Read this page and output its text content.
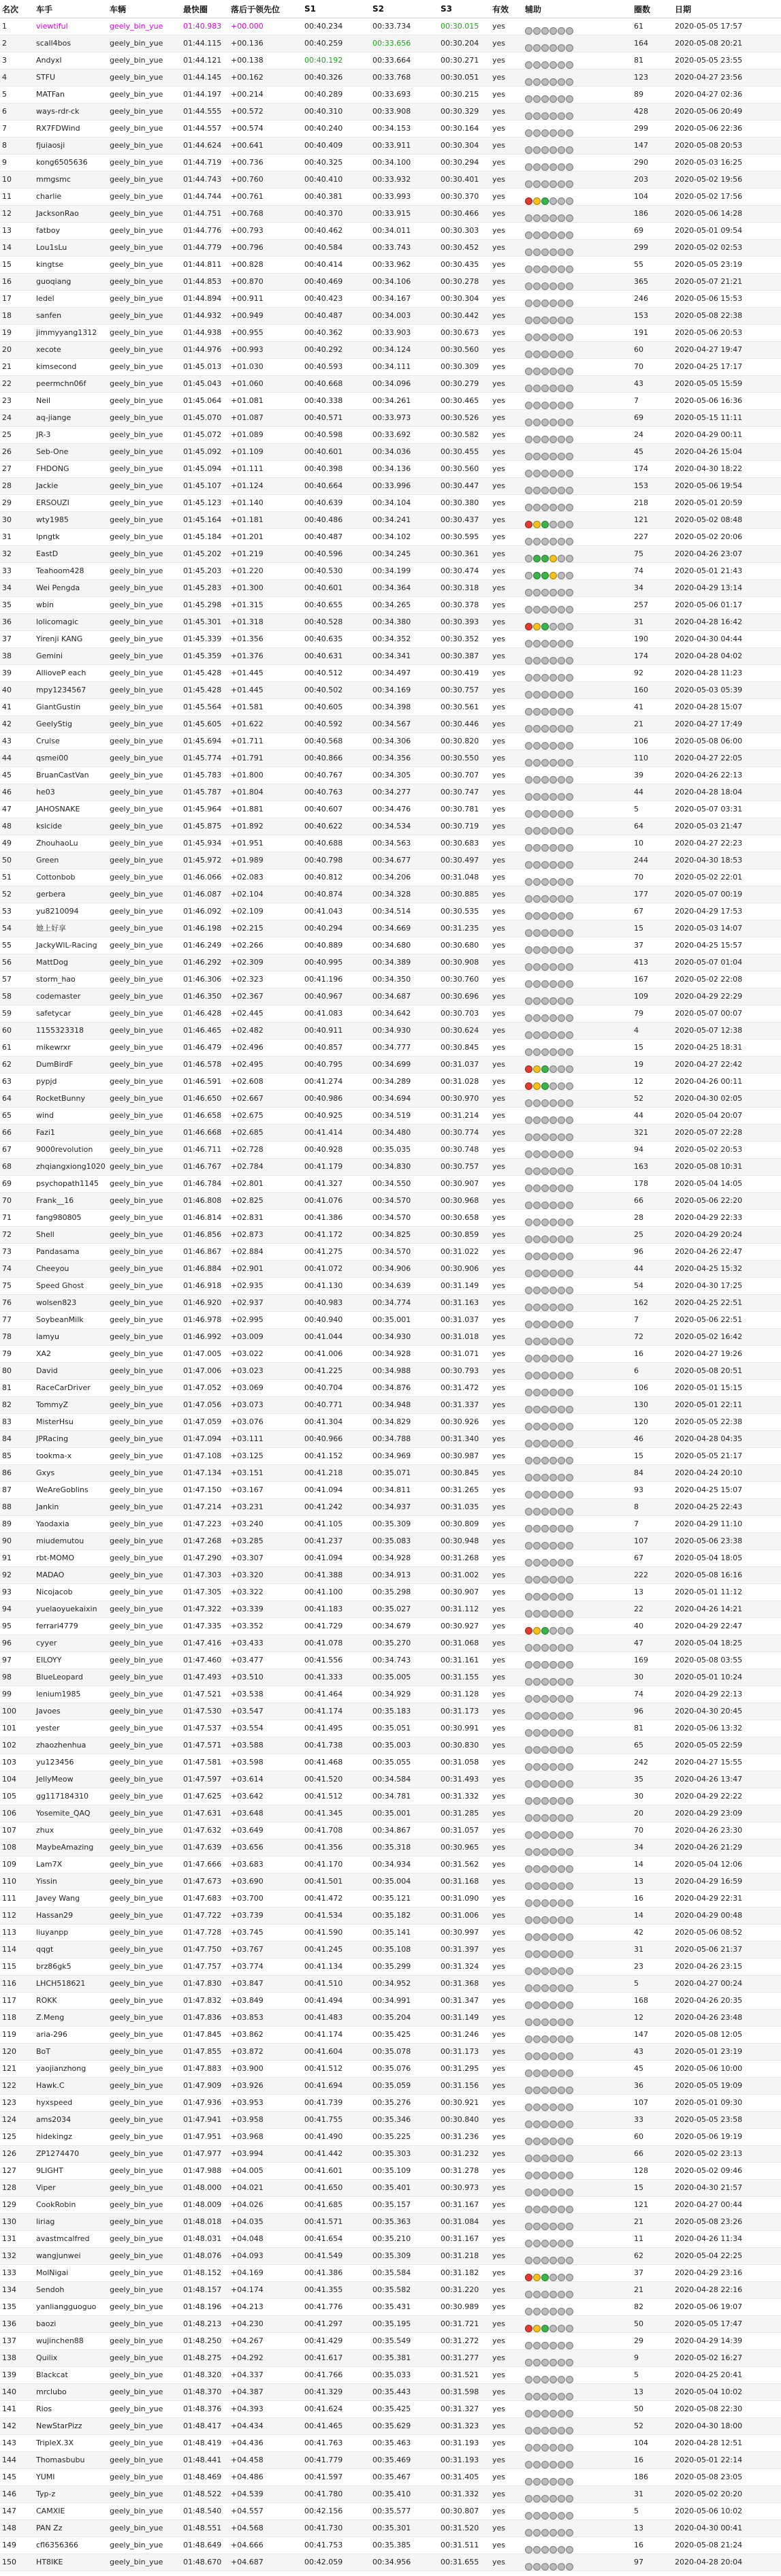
名次	车手	车辆	最快圈	落后于领先位	S1	S2	S3	有效	辅助	圈数	日期
1	viewtiful	geely_bin_yue	01:40.983	+00.000	00:40.234	00:33.734	00:30.015	yes		61	2020-05-05 17:57
2	scall4bos	geely_bin_yue	01:44.115	+00.136	00:40.259	00:33.656	00:30.204	yes		164	2020-05-08 20:21
3	Andyxl	geely_bin_yue	01:44.121	+00.138	00:40.192	00:33.664	00:30.271	yes		81	2020-05-05 23:55
4	STFU	geely_bin_yue	01:44.145	+00.162	00:40.326	00:33.768	00:30.051	yes		123	2020-04-27 23:56
5	MATFan	geely_bin_yue	01:44.197	+00.214	00:40.289	00:33.693	00:30.215	yes		89	2020-04-27 02:36
6	ways-rdr-ck	geely_bin_yue	01:44.555	+00.572	00:40.310	00:33.908	00:30.329	yes		428	2020-05-06 20:49
7	RX7FDWind	geely_bin_yue	01:44.557	+00.574	00:40.240	00:34.153	00:30.164	yes		299	2020-05-06 22:36
8	fjuiaosji	geely_bin_yue	01:44.624	+00.641	00:40.409	00:33.911	00:30.304	yes		147	2020-05-08 20:53
9	kong6505636	geely_bin_yue	01:44.719	+00.736	00:40.325	00:34.100	00:30.294	yes		290	2020-05-03 16:25
10	mmgsmc	geely_bin_yue	01:44.743	+00.760	00:40.410	00:33.932	00:30.401	yes		203	2020-05-02 19:56
11	charlie	geely_bin_yue	01:44.744	+00.761	00:40.381	00:33.993	00:30.370	yes		104	2020-05-02 17:56
12	JacksonRao	geely_bin_yue	01:44.751	+00.768	00:40.370	00:33.915	00:30.466	yes		186	2020-05-06 14:28
13	fatboy	geely_bin_yue	01:44.776	+00.793	00:40.462	00:34.011	00:30.303	yes		69	2020-05-01 09:54
14	Lou1sLu	geely_bin_yue	01:44.779	+00.796	00:40.584	00:33.743	00:30.452	yes		299	2020-05-02 02:53
15	kingtse	geely_bin_yue	01:44.811	+00.828	00:40.414	00:33.962	00:30.435	yes		55	2020-05-05 23:19
16	guoqiang	geely_bin_yue	01:44.853	+00.870	00:40.469	00:34.106	00:30.278	yes		365	2020-05-07 21:21
17	ledel	geely_bin_yue	01:44.894	+00.911	00:40.423	00:34.167	00:30.304	yes		246	2020-05-06 15:53
18	sanfen	geely_bin_yue	01:44.932	+00.949	00:40.487	00:34.003	00:30.442	yes		153	2020-05-08 22:38
19	jimmyyang1312	geely_bin_yue	01:44.938	+00.955	00:40.362	00:33.903	00:30.673	yes		191	2020-05-06 20:53
20	xecote	geely_bin_yue	01:44.976	+00.993	00:40.292	00:34.124	00:30.560	yes		60	2020-04-27 19:47
21	kimsecond	geely_bin_yue	01:45.013	+01.030	00:40.593	00:34.111	00:30.309	yes		70	2020-04-25 17:17
22	peermchn06f	geely_bin_yue	01:45.043	+01.060	00:40.668	00:34.096	00:30.279	yes		43	2020-05-05 15:59
23	Neil	geely_bin_yue	01:45.064	+01.081	00:40.338	00:34.261	00:30.465	yes		7	2020-05-06 16:36
24	aq-jiange	geely_bin_yue	01:45.070	+01.087	00:40.571	00:33.973	00:30.526	yes		69	2020-05-15 11:11
25	JR-3	geely_bin_yue	01:45.072	+01.089	00:40.598	00:33.692	00:30.582	yes		24	2020-04-29 00:11
26	Seb-One	geely_bin_yue	01:45.092	+01.109	00:40.601	00:34.036	00:30.455	yes		45	2020-04-26 15:04
27	FHDONG	geely_bin_yue	01:45.094	+01.111	00:40.398	00:34.136	00:30.560	yes		174	2020-04-30 18:22
28	Jackie	geely_bin_yue	01:45.107	+01.124	00:40.664	00:33.996	00:30.447	yes		153	2020-05-06 19:54
29	ERSOUZI	geely_bin_yue	01:45.123	+01.140	00:40.639	00:34.104	00:30.380	yes		218	2020-05-01 20:59
30	wty1985	geely_bin_yue	01:45.164	+01.181	00:40.486	00:34.241	00:30.437	yes		121	2020-05-02 08:48
31	lpngtk	geely_bin_yue	01:45.184	+01.201	00:40.487	00:34.102	00:30.595	yes		227	2020-05-02 20:06
32	EastD	geely_bin_yue	01:45.202	+01.219	00:40.596	00:34.245	00:30.361	yes		75	2020-04-26 23:07
33	Teahoom428	geely_bin_yue	01:45.203	+01.220	00:40.530	00:34.199	00:30.474	yes		74	2020-05-01 21:43
34	Wei Pengda	geely_bin_yue	01:45.283	+01.300	00:40.601	00:34.364	00:30.318	yes		34	2020-04-29 13:14
35	wbin	geely_bin_yue	01:45.298	+01.315	00:40.655	00:34.265	00:30.378	yes		257	2020-05-06 01:17
36	lolicomagic	geely_bin_yue	01:45.301	+01.318	00:40.528	00:34.380	00:30.393	yes		31	2020-04-28 16:42
37	Yirenji KANG	geely_bin_yue	01:45.339	+01.356	00:40.635	00:34.352	00:30.352	yes		190	2020-04-30 04:44
38	Gemini	geely_bin_yue	01:45.359	+01.376	00:40.631	00:34.341	00:30.387	yes		174	2020-04-28 04:02
39	AllioveP each	geely_bin_yue	01:45.428	+01.445	00:40.512	00:34.497	00:30.419	yes		92	2020-04-28 11:23
40	mpy1234567	geely_bin_yue	01:45.428	+01.445	00:40.502	00:34.169	00:30.757	yes		160	2020-05-03 05:39
41	GiantGustin	geely_bin_yue	01:45.564	+01.581	00:40.605	00:34.398	00:30.561	yes		41	2020-04-28 15:07
42	GeelyStig	geely_bin_yue	01:45.605	+01.622	00:40.592	00:34.567	00:30.446	yes		21	2020-04-27 17:49
43	Cruise	geely_bin_yue	01:45.694	+01.711	00:40.568	00:34.306	00:30.820	yes		106	2020-05-08 06:00
44	qsmei00	geely_bin_yue	01:45.774	+01.791	00:40.866	00:34.356	00:30.550	yes		110	2020-04-27 22:05
45	BruanCastVan	geely_bin_yue	01:45.783	+01.800	00:40.767	00:34.305	00:30.707	yes		39	2020-04-26 22:13
46	he03	geely_bin_yue	01:45.787	+01.804	00:40.763	00:34.277	00:30.747	yes		44	2020-04-28 18:04
47	JAHOSNAKE	geely_bin_yue	01:45.964	+01.881	00:40.607	00:34.476	00:30.781	yes		5	2020-05-07 03:31
48	ksicide	geely_bin_yue	01:45.875	+01.892	00:40.622	00:34.534	00:30.719	yes		64	2020-05-03 21:47
49	ZhouhaoLu	geely_bin_yue	01:45.934	+01.951	00:40.688	00:34.563	00:30.683	yes		10	2020-04-27 22:23
50	Green	geely_bin_yue	01:45.972	+01.989	00:40.798	00:34.677	00:30.497	yes		244	2020-04-30 18:53
51	Cottonbob	geely_bin_yue	01:46.066	+02.083	00:40.812	00:34.206	00:31.048	yes		70	2020-05-02 22:01
52	gerbera	geely_bin_yue	01:46.087	+02.104	00:40.874	00:34.328	00:30.885	yes		177	2020-05-07 00:19
53	yu8210094	geely_bin_yue	01:46.092	+02.109	00:41.043	00:34.514	00:30.535	yes		67	2020-04-29 17:53
54	她上好享	geely_bin_yue	01:46.198	+02.215	00:40.294	00:34.669	00:31.235	yes		15	2020-05-03 14:07
55	JackyWlL-Racing	geely_bin_yue	01:46.249	+02.266	00:40.889	00:34.680	00:30.680	yes		37	2020-04-25 15:57
56	MattDog	geely_bin_yue	01:46.292	+02.309	00:40.995	00:34.389	00:30.908	yes		413	2020-05-07 01:04
57	storm_hao	geely_bin_yue	01:46.306	+02.323	00:41.196	00:34.350	00:30.760	yes		167	2020-05-02 22:08
58	codemaster	geely_bin_yue	01:46.350	+02.367	00:40.967	00:34.687	00:30.696	yes		109	2020-04-29 22:29
59	safetycar	geely_bin_yue	01:46.428	+02.445	00:41.083	00:34.642	00:30.703	yes		79	2020-05-07 00:07
60	1155323318	geely_bin_yue	01:46.465	+02.482	00:40.911	00:34.930	00:30.624	yes		4	2020-05-07 12:38
61	mikewrxr	geely_bin_yue	01:46.479	+02.496	00:40.857	00:34.777	00:30.845	yes		15	2020-04-25 18:31
62	DumBirdF	geely_bin_yue	01:46.578	+02.495	00:40.795	00:34.699	00:31.037	yes		19	2020-04-27 22:42
63	pypjd	geely_bin_yue	01:46.591	+02.608	00:41.274	00:34.289	00:31.028	yes		12	2020-04-26 00:11
64	RocketBunny	geely_bin_yue	01:46.650	+02.667	00:40.986	00:34.694	00:30.970	yes		52	2020-04-30 02:05
65	wind	geely_bin_yue	01:46.658	+02.675	00:40.925	00:34.519	00:31.214	yes		44	2020-05-04 20:07
66	Fazi1	geely_bin_yue	01:46.668	+02.685	00:41.414	00:34.480	00:30.774	yes		321	2020-05-07 22:28
67	9000revolution	geely_bin_yue	01:46.711	+02.728	00:40.928	00:35.035	00:30.748	yes		94	2020-05-02 20:53
68	zhqiangxiong1020	geely_bin_yue	01:46.767	+02.784	00:41.179	00:34.830	00:30.757	yes		163	2020-05-08 10:31
69	psychopath1145	geely_bin_yue	01:46.784	+02.801	00:41.327	00:34.550	00:30.907	yes		178	2020-05-04 14:05
70	Frank__16	geely_bin_yue	01:46.808	+02.825	00:41.076	00:34.570	00:30.968	yes		66	2020-05-06 22:20
71	fang980805	geely_bin_yue	01:46.814	+02.831	00:41.386	00:34.570	00:30.658	yes		28	2020-04-29 22:33
72	Shell	geely_bin_yue	01:46.856	+02.873	00:41.172	00:34.825	00:30.859	yes		25	2020-04-29 20:24
73	Pandasama	geely_bin_yue	01:46.867	+02.884	00:41.275	00:34.570	00:31.022	yes		96	2020-04-26 22:47
74	Cheeyou	geely_bin_yue	01:46.884	+02.901	00:41.072	00:34.906	00:30.906	yes		44	2020-04-25 15:32
75	Speed Ghost	geely_bin_yue	01:46.918	+02.935	00:41.130	00:34.639	00:31.149	yes		54	2020-04-30 17:25
76	wolsen823	geely_bin_yue	01:46.920	+02.937	00:40.983	00:34.774	00:31.163	yes		162	2020-04-25 22:51
77	SoybeanMilk	geely_bin_yue	01:46.978	+02.995	00:40.940	00:35.001	00:31.037	yes		7	2020-05-06 22:51
78	lamyu	geely_bin_yue	01:46.992	+03.009	00:41.044	00:34.930	00:31.018	yes		72	2020-05-02 16:42
79	XA2	geely_bin_yue	01:47.005	+03.022	00:41.006	00:34.928	00:31.071	yes		16	2020-04-27 19:26
80	David	geely_bin_yue	01:47.006	+03.023	00:41.225	00:34.988	00:30.793	yes		6	2020-05-08 20:51
81	RaceCarDriver	geely_bin_yue	01:47.052	+03.069	00:40.704	00:34.876	00:31.472	yes		106	2020-05-01 15:15
82	TommyZ	geely_bin_yue	01:47.056	+03.073	00:40.771	00:34.948	00:31.337	yes		130	2020-05-01 22:11
83	MisterHsu	geely_bin_yue	01:47.059	+03.076	00:41.304	00:34.829	00:30.926	yes		120	2020-05-05 22:38
84	JPRacing	geely_bin_yue	01:47.094	+03.111	00:40.966	00:34.788	00:31.340	yes		46	2020-04-28 04:35
85	tookma-x	geely_bin_yue	01:47.108	+03.125	00:41.152	00:34.969	00:30.987	yes		15	2020-05-05 21:17
86	Gxys	geely_bin_yue	01:47.134	+03.151	00:41.218	00:35.071	00:30.845	yes		84	2020-04-24 20:10
87	WeAreGoblins	geely_bin_yue	01:47.150	+03.167	00:41.094	00:34.811	00:31.265	yes		93	2020-04-25 15:07
88	Jankin	geely_bin_yue	01:47.214	+03.231	00:41.242	00:34.937	00:31.035	yes		8	2020-04-25 22:43
89	Yaodaxia	geely_bin_yue	01:47.223	+03.240	00:41.105	00:35.309	00:30.809	yes		7	2020-04-29 11:10
90	miudemutou	geely_bin_yue	01:47.268	+03.285	00:41.237	00:35.083	00:30.948	yes		107	2020-05-06 23:38
91	rbt-MOMO	geely_bin_yue	01:47.290	+03.307	00:41.094	00:34.928	00:31.268	yes		67	2020-05-04 18:05
92	MADAO	geely_bin_yue	01:47.303	+03.320	00:41.388	00:34.913	00:31.002	yes		222	2020-05-08 16:16
93	Nicojacob	geely_bin_yue	01:47.305	+03.322	00:41.100	00:35.298	00:30.907	yes		13	2020-05-01 11:12
94	yuelaoyuekaixin	geely_bin_yue	01:47.322	+03.339	00:41.183	00:35.027	00:31.112	yes		22	2020-04-26 14:21
95	ferrari4779	geely_bin_yue	01:47.335	+03.352	00:41.729	00:34.679	00:30.927	yes		40	2020-04-29 22:47
96	cyyer	geely_bin_yue	01:47.416	+03.433	00:41.078	00:35.270	00:31.068	yes		47	2020-05-04 18:25
97	EILOYY	geely_bin_yue	01:47.460	+03.477	00:41.556	00:34.743	00:31.161	yes		169	2020-05-08 03:55
98	BlueLeopard	geely_bin_yue	01:47.493	+03.510	00:41.333	00:35.005	00:31.155	yes		30	2020-05-01 10:24
99	lenium1985	geely_bin_yue	01:47.521	+03.538	00:41.464	00:34.929	00:31.128	yes		74	2020-04-29 22:13
100	Javoes	geely_bin_yue	01:47.530	+03.547	00:41.174	00:35.183	00:31.173	yes		96	2020-04-30 20:45
101	yester	geely_bin_yue	01:47.537	+03.554	00:41.495	00:35.051	00:30.991	yes		81	2020-05-06 13:32
102	zhaozhenhua	geely_bin_yue	01:47.571	+03.588	00:41.738	00:35.003	00:30.830	yes		65	2020-05-05 22:59
103	yu123456	geely_bin_yue	01:47.581	+03.598	00:41.468	00:35.055	00:31.058	yes		242	2020-04-27 15:55
104	JellyMeow	geely_bin_yue	01:47.597	+03.614	00:41.520	00:34.584	00:31.493	yes		35	2020-04-26 13:47
105	gg117184310	geely_bin_yue	01:47.625	+03.642	00:41.512	00:34.781	00:31.332	yes		30	2020-04-29 22:22
106	Yosemite_QAQ	geely_bin_yue	01:47.631	+03.648	00:41.345	00:35.001	00:31.285	yes		20	2020-04-29 23:09
107	zhux	geely_bin_yue	01:47.632	+03.649	00:41.708	00:34.867	00:31.057	yes		70	2020-04-26 23:30
108	MaybeAmazing	geely_bin_yue	01:47.639	+03.656	00:41.356	00:35.318	00:30.965	yes		34	2020-04-26 21:29
109	Lam7X	geely_bin_yue	01:47.666	+03.683	00:41.170	00:34.934	00:31.562	yes		14	2020-05-04 12:06
110	Yissin	geely_bin_yue	01:47.673	+03.690	00:41.501	00:35.004	00:31.168	yes		13	2020-04-29 16:59
111	Javey Wang	geely_bin_yue	01:47.683	+03.700	00:41.472	00:35.121	00:31.090	yes		16	2020-04-29 22:31
112	Hassan29	geely_bin_yue	01:47.722	+03.739	00:41.534	00:35.182	00:31.006	yes		14	2020-04-29 00:48
113	liuyanpp	geely_bin_yue	01:47.728	+03.745	00:41.590	00:35.141	00:30.997	yes		42	2020-05-06 08:52
114	qqgt	geely_bin_yue	01:47.750	+03.767	00:41.245	00:35.108	00:31.397	yes		31	2020-05-06 21:37
115	brz86gk5	geely_bin_yue	01:47.757	+03.774	00:41.134	00:35.299	00:31.324	yes		23	2020-04-26 23:15
116	LHCH518621	geely_bin_yue	01:47.830	+03.847	00:41.510	00:34.952	00:31.368	yes		5	2020-04-27 00:24
117	ROKK	geely_bin_yue	01:47.832	+03.849	00:41.494	00:34.991	00:31.347	yes		168	2020-04-26 20:35
118	Z.Meng	geely_bin_yue	01:47.836	+03.853	00:41.483	00:35.204	00:31.149	yes		12	2020-04-26 23:48
119	aria-296	geely_bin_yue	01:47.845	+03.862	00:41.174	00:35.425	00:31.246	yes		147	2020-05-08 12:05
120	BoT	geely_bin_yue	01:47.855	+03.872	00:41.604	00:35.078	00:31.173	yes		43	2020-05-01 23:19
121	yaojianzhong	geely_bin_yue	01:47.883	+03.900	00:41.512	00:35.076	00:31.295	yes		45	2020-05-06 10:00
122	Hawk.C	geely_bin_yue	01:47.909	+03.926	00:41.694	00:35.059	00:31.156	yes		36	2020-05-05 19:09
123	hyxspeed	geely_bin_yue	01:47.936	+03.953	00:41.739	00:35.276	00:30.921	yes		107	2020-05-01 09:30
124	ams2034	geely_bin_yue	01:47.941	+03.958	00:41.755	00:35.346	00:30.840	yes		33	2020-05-05 23:58
125	hidekingz	geely_bin_yue	01:47.951	+03.968	00:41.490	00:35.225	00:31.236	yes		60	2020-05-06 19:19
126	ZP1274470	geely_bin_yue	01:47.977	+03.994	00:41.442	00:35.303	00:31.232	yes		66	2020-05-02 23:13
127	9LIGHT	geely_bin_yue	01:47.988	+04.005	00:41.601	00:35.109	00:31.278	yes		128	2020-05-02 09:46
128	Viper	geely_bin_yue	01:48.000	+04.021	00:41.650	00:35.401	00:30.973	yes		15	2020-04-30 21:57
129	CookRobin	geely_bin_yue	01:48.009	+04.026	00:41.685	00:35.157	00:31.167	yes		121	2020-04-27 00:44
130	liriag	geely_bin_yue	01:48.018	+04.035	00:41.571	00:35.363	00:31.084	yes		21	2020-05-08 23:26
131	avastmcalfred	geely_bin_yue	01:48.031	+04.048	00:41.654	00:35.210	00:31.167	yes		11	2020-04-26 11:34
132	wangjunwei	geely_bin_yue	01:48.076	+04.093	00:41.549	00:35.309	00:31.218	yes		62	2020-05-04 22:25
133	MolNigai	geely_bin_yue	01:48.152	+04.169	00:41.386	00:35.584	00:31.182	yes		37	2020-04-29 23:16
134	Sendoh	geely_bin_yue	01:48.157	+04.174	00:41.355	00:35.582	00:31.220	yes		21	2020-04-28 22:16
135	yanliangguoguo	geely_bin_yue	01:48.196	+04.213	00:41.776	00:35.431	00:30.989	yes		82	2020-05-06 19:07
136	baozi	geely_bin_yue	01:48.213	+04.230	00:41.297	00:35.195	00:31.721	yes		50	2020-05-05 17:47
137	wujinchen88	geely_bin_yue	01:48.250	+04.267	00:41.429	00:35.549	00:31.272	yes		29	2020-04-29 14:39
138	Quilix	geely_bin_yue	01:48.275	+04.292	00:41.617	00:35.381	00:31.277	yes		9	2020-05-02 16:27
139	Blackcat	geely_bin_yue	01:48.320	+04.337	00:41.766	00:35.033	00:31.521	yes		5	2020-04-25 20:41
140	mrclubo	geely_bin_yue	01:48.370	+04.387	00:41.329	00:35.443	00:31.598	yes		13	2020-05-04 10:02
141	Rios	geely_bin_yue	01:48.376	+04.393	00:41.624	00:35.425	00:31.327	yes		50	2020-05-08 22:30
142	NewStarPizz	geely_bin_yue	01:48.417	+04.434	00:41.465	00:35.629	00:31.323	yes		52	2020-04-30 18:00
143	TripleX.3X	geely_bin_yue	01:48.419	+04.436	00:41.763	00:35.463	00:31.193	yes		104	2020-04-28 12:51
144	Thomasbubu	geely_bin_yue	01:48.441	+04.458	00:41.779	00:35.469	00:31.193	yes		16	2020-05-01 22:14
145	YUMI	geely_bin_yue	01:48.469	+04.486	00:41.597	00:35.467	00:31.405	yes		186	2020-05-08 23:05
146	Typ-z	geely_bin_yue	01:48.522	+04.539	00:41.780	00:35.410	00:31.332	yes		31	2020-05-02 20:20
147	CAMXIE	geely_bin_yue	01:48.540	+04.557	00:42.156	00:35.577	00:30.807	yes		5	2020-05-06 10:02
148	PAN Zz	geely_bin_yue	01:48.551	+04.568	00:41.730	00:35.301	00:31.520	yes		13	2020-04-30 00:41
149	cfl6356366	geely_bin_yue	01:48.649	+04.666	00:41.753	00:35.385	00:31.511	yes		16	2020-05-08 21:24
150	HT8IKE	geely_bin_yue	01:48.670	+04.687	00:42.059	00:34.956	00:31.655	yes		97	2020-04-28 20:04
